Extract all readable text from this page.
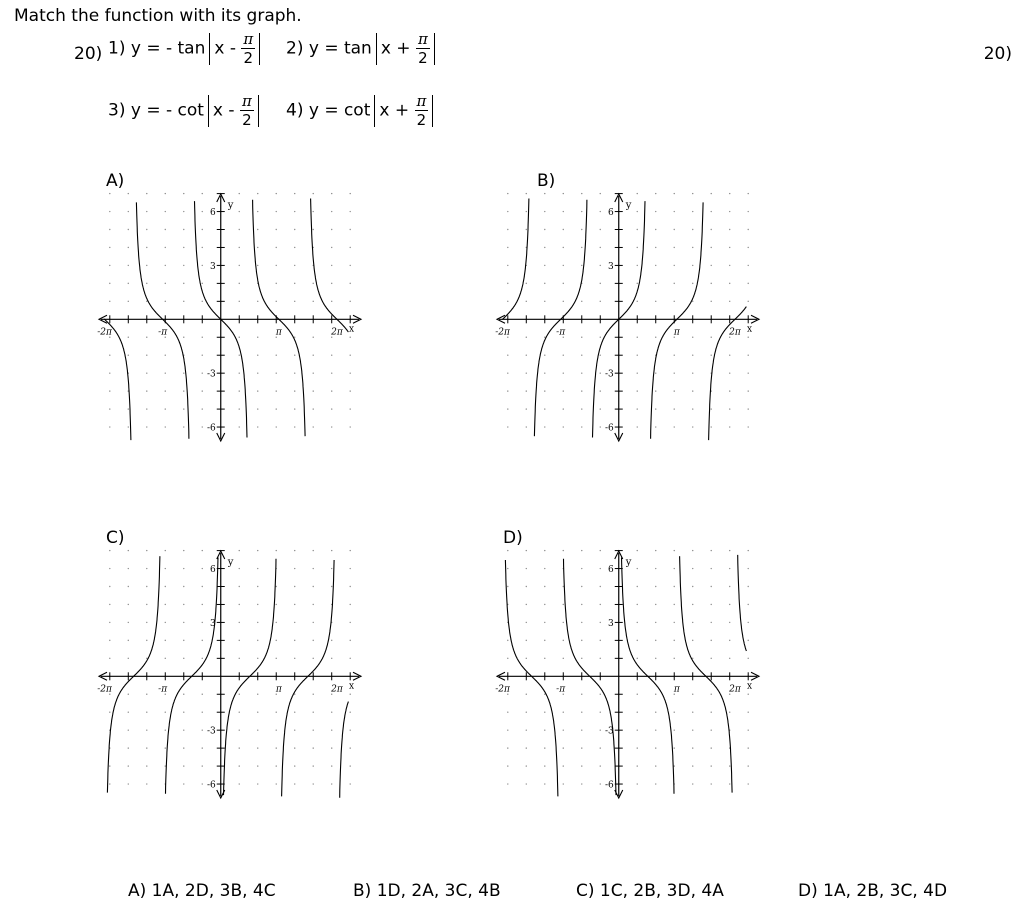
Match the function with its graph.
20)	20)
1) y = - tan x - $\frac{\pi}{2} 2$) $y = \tan x + \frac{\pi}{2}$
3) y = - cot x - $\frac{\pi}{2} 4$) $y = \cot x + \frac{\pi}{2}$
A)	B)
C)	D)
6
3
-3
-6
-2π	-π	π	2π x
y
6
3
-3
-6
-2π	-π	π	2π x
y
6
3
-3
-6
-2π	-π	π	2π x
y
6
3
-3
-6
-2π	-π	π	2π x
y
A) 1A, 2D, 3B, 4C	B) 1D, 2A, 3C, 4B	C) 1C, 2B, 3D, 4A	D) 1A, 2B, 3C, 4D
